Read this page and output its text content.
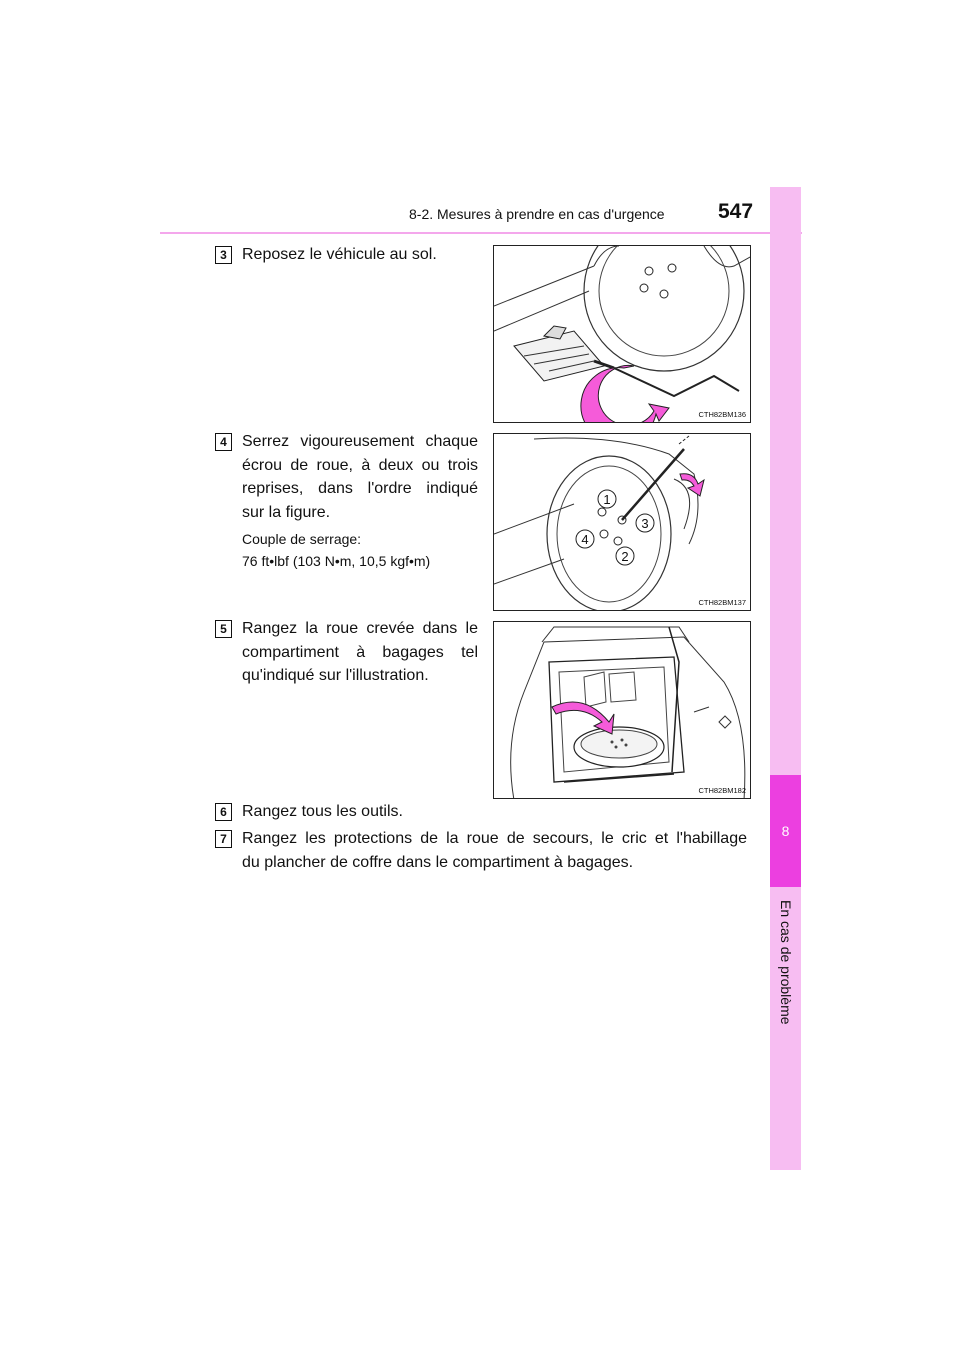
8-2. Mesures à prendre en cas d'urgence	547
8
En cas de problème
3 Reposez le véhicule au sol.
CTH82BM136
4 Serrez vigoureusement chaque
écrou de roue, à deux ou trois
reprises, dans l'ordre indiqué
sur la figure.
Couple de serrage:
76 ft•lbf (103 N•m, 10,5 kgf•m)
1
2
3
4
CTH82BM137
5 Rangez la roue crevée dans le
compartiment à bagages tel
qu'indiqué sur l'illustration.
CTH82BM182
6 Rangez tous les outils.
7 Rangez les protections de la roue de secours, le cric et l'habillage
du plancher de coffre dans le compartiment à bagages.
